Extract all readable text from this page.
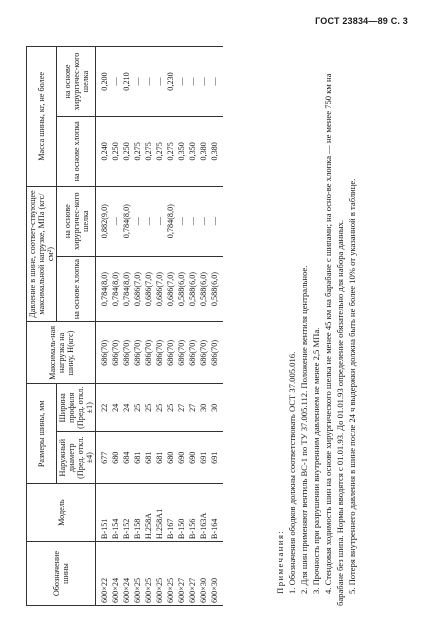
ГОСТ 23834—89 С. 3
Обозначение шины	Модель	Размеры шины, мм		Максималь-ная нагрузка на шину, Н(кгс)	Давление в шине, соответ-ствующее максимальной нагрузке, МПа (кгс/см²)		Масса шины, кг, не более	
		Наружный диаметр (Пред. откл. ±4)	Ширина профиля (Пред. откл. ±1)		на основе хлопка	на основе хирургичес-кого шелка	на основе хлопка	на основе хирургичес-кого шелка
600×22	В-151	677	22	686(70)	0,784(8,0)	0,882(9,0)	0,240	0,200
600×24	В-154	680	24	686(70)	0,784(8,0)	—	0,250	—
600×24	В-152	684	24	686(70)	0,784(8,0)	0,784(8,0)	0,250	0,210
600×25	В-158	681	25	686(70)	0,686(7,0)	—	0,275	—
600×25	Н.258А	681	25	686(70)	0,686(7,0)	—	0,275	—
600×25	Н.258А1	681	25	686(70)	0,686(7,0)	—	0,275	—
600×25	В-167	680	25	686(70)	0,686(7,0)	0,784(8,0)	0,275	0,230
600×27	В-150	690	27	686(70)	0,588(6,0)	—	0,350	—
600×27	В-156	690	27	686(70)	0,588(6,0)	—	0,350	—
600×30	В-163А	691	30	686(70)	0,588(6,0)	—	0,380	—
600×30	В-164	691	30	686(70)	0,588(6,0)	—	0,380	—

Примечания: 1. Обозначения ободков должны соответствовать ОСТ 37.005.016. 2. Для шин применяют вентиль ВС-1 по ТУ 37.005.112. Положение вентиля центральное. 3. Прочность при разрушении внутренним давлением не менее 2,5 МПа. 4. Стендовая ходимость шин на основе хирургического шелка не менее 45 км на барабане с шипами; на осно-ве хлопка — не менее 750 км на барабане без шипа. Нормы вводятся с 01.01.93. До 01.01.93 определение обязательно для набора данных. 5. Потеря внутреннего давления в шине после 24 ч выдержки должна быть не более 10% от указанной в таблице.
